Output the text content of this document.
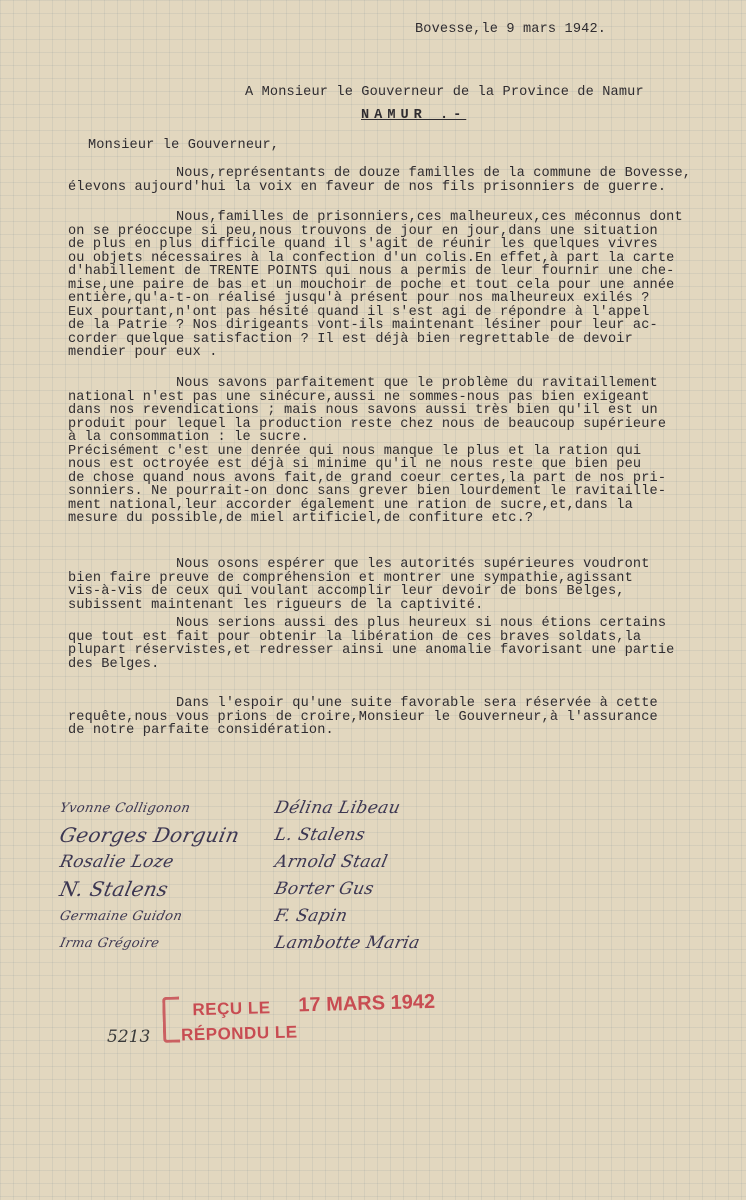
Bovesse,le 9 mars 1942.

A Monsieur le Gouverneur de la Province de Namur

NAMUR .-

Monsieur le Gouverneur,

Nous,représentants de douze familles de la commune de Bovesse,
élevons aujourd'hui la voix en faveur de nos fils prisonniers de guerre.
Nous,familles de prisonniers,ces malheureux,ces méconnus dont
on se préoccupe si peu,nous trouvons de jour en jour,dans une situation
de plus en plus difficile quand il s'agit de réunir les quelques vivres
ou objets nécessaires à la confection d'un colis.En effet,à part la carte
d'habillement de TRENTE POINTS qui nous a permis de leur fournir une che-
mise,une paire de bas et un mouchoir de poche et tout cela pour une année
entière,qu'a-t-on réalisé jusqu'à présent pour nos malheureux exilés ?
Eux pourtant,n'ont pas hésité quand il s'est agi de répondre à l'appel
de la Patrie ? Nos dirigeants vont-ils maintenant lésiner pour leur ac-
corder quelque satisfaction ? Il est déjà bien regrettable de devoir
mendier pour eux .
Nous savons parfaitement que le problème du ravitaillement
national n'est pas une sinécure,aussi ne sommes-nous pas bien exigeant
dans nos revendications ; mais nous savons aussi très bien qu'il est un
produit pour lequel la production reste chez nous de beaucoup supérieure
à la consommation : le sucre.
Précisément c'est une denrée qui nous manque le plus et la ration qui
nous est octroyée est déjà si minime qu'il ne nous reste que bien peu
de chose quand nous avons fait,de grand coeur certes,la part de nos pri-
sonniers. Ne pourrait-on donc sans grever bien lourdement le ravitaille-
ment national,leur accorder également une ration de sucre,et,dans la
mesure du possible,de miel artificiel,de confiture etc.?
Nous osons espérer que les autorités supérieures voudront
bien faire preuve de compréhension et montrer une sympathie,agissant
vis-à-vis de ceux qui voulant accomplir leur devoir de bons Belges,
subissent maintenant les rigueurs de la captivité.
Nous serions aussi des plus heureux si nous étions certains
que tout est fait pour obtenir la libération de ces braves soldats,la
plupart réservistes,et redresser ainsi une anomalie favorisant une partie
des Belges.
Dans l'espoir qu'une suite favorable sera réservée à cette
requête,nous vous prions de croire,Monsieur le Gouverneur,à l'assurance
de notre parfaite considération.
Yvonne Colligonon
Georges Dorguin
Rosalie Loze
N. Stalens
Germaine Guidon
Irma Grégoire
Délina Libeau
L. Stalens
Arnold Staal
Borter Gus
F. Sapin
Lambotte Maria
5213
REÇU LE 17 MARS 1942
RÉPONDU LE
